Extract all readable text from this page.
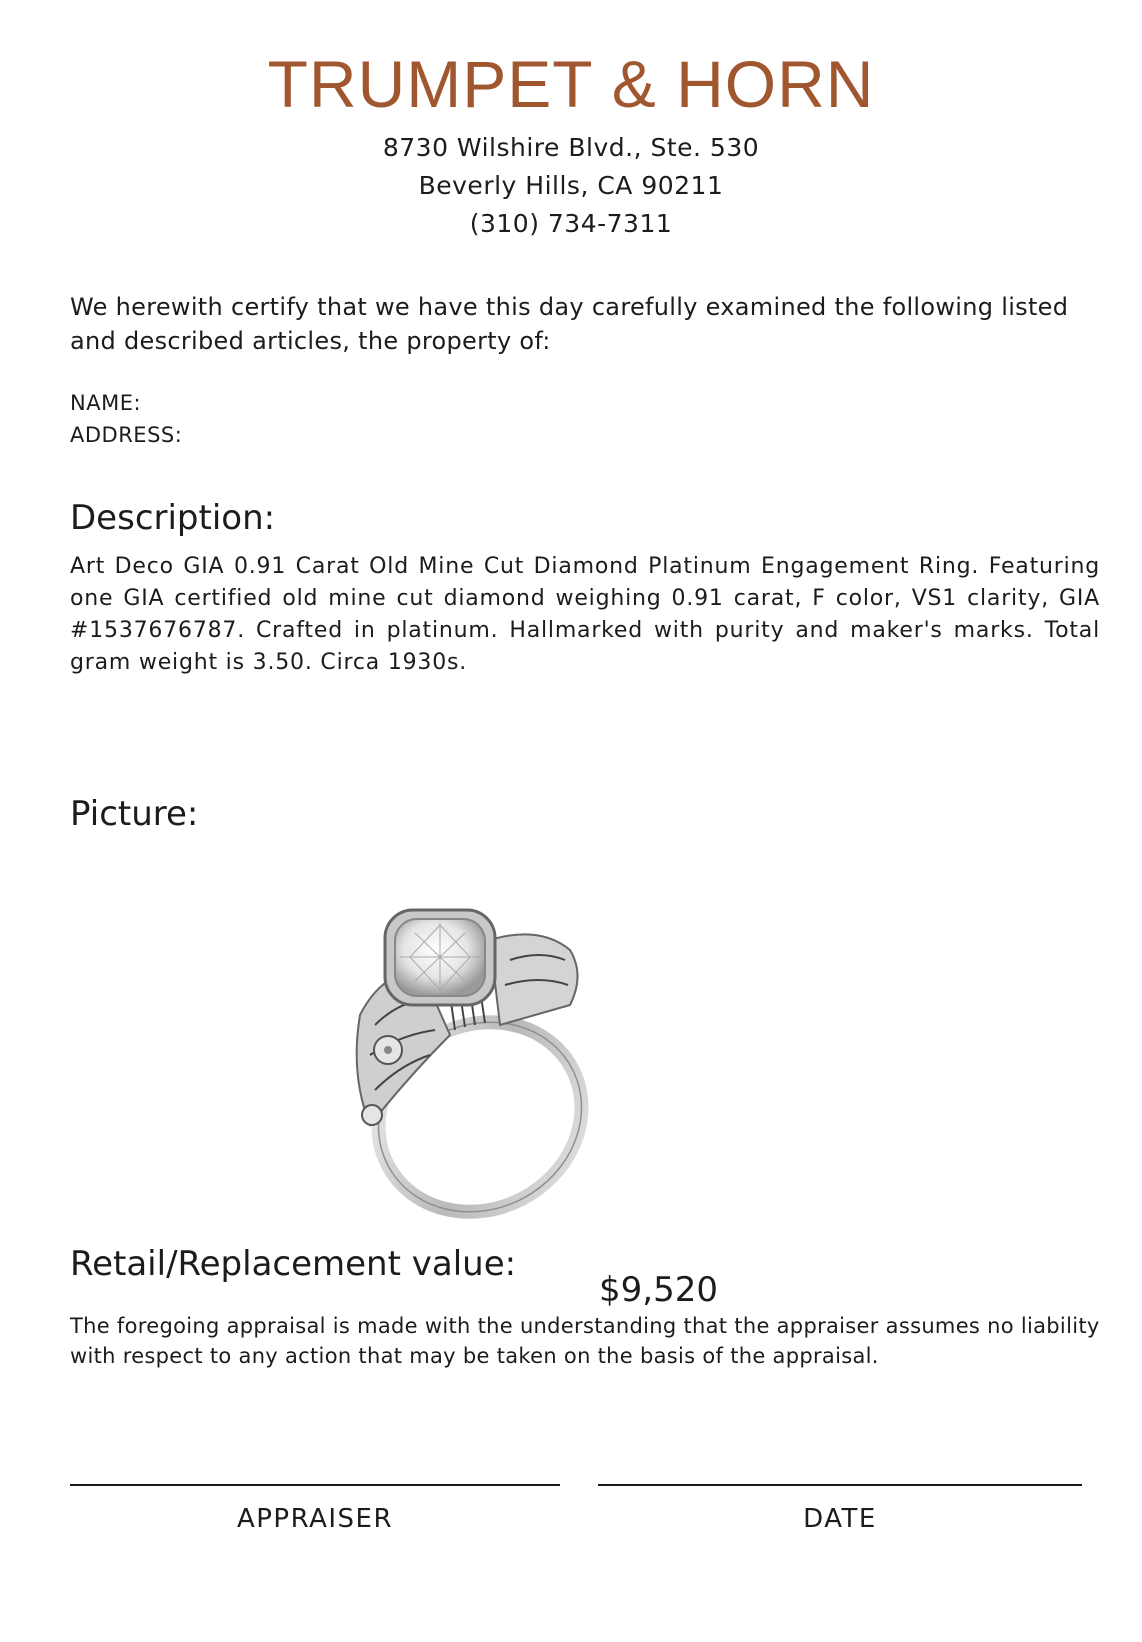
TRUMPET & HORN
8730 Wilshire Blvd., Ste. 530
Beverly Hills, CA 90211
(310) 734-7311
We herewith certify that we have this day carefully examined the following listed and described articles, the property of:
NAME:
ADDRESS:
Description:
Art Deco GIA 0.91 Carat Old Mine Cut Diamond Platinum Engagement Ring. Featuring one GIA certified old mine cut diamond weighing 0.91 carat, F color, VS1 clarity, GIA #1537676787. Crafted in platinum. Hallmarked with purity and maker's marks. Total gram weight is 3.50. Circa 1930s.
Picture:
Retail/Replacement value:
$9,520
The foregoing appraisal is made with the understanding that the appraiser assumes no liability with respect to any action that may be taken on the basis of the appraisal.
APPRAISER	DATE
